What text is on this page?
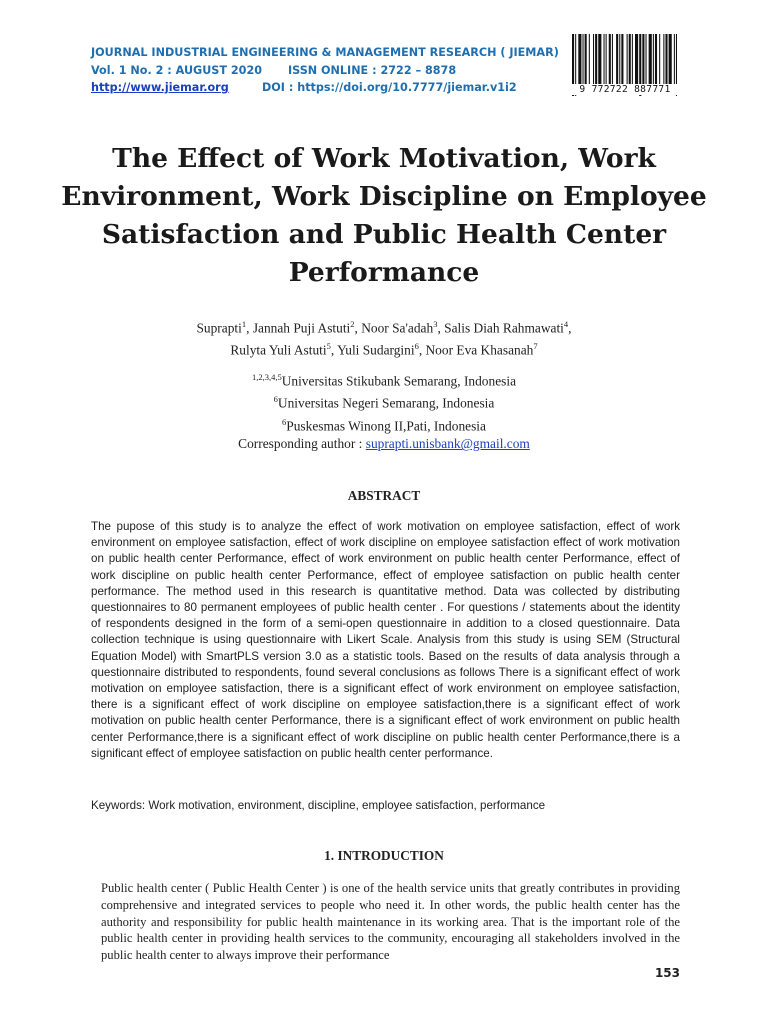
JOURNAL INDUSTRIAL ENGINEERING & MANAGEMENT RESEARCH ( JIEMAR)
Vol. 1 No. 2 : AUGUST 2020 ISSN ONLINE : 2722 – 8878
http://www.jiemar.org	DOI : https://doi.org/10.7777/jiemar.v1i2	9 772722 887771
The Effect of Work Motivation, Work Environment, Work Discipline on Employee Satisfaction and Public Health Center Performance
Suprapti$^1$, Jannah Puji Astuti$^2$, Noor Sa'adah$^3$, Salis Diah Rahmawati$^4$,
Rulyta Yuli Astuti$^5$, Yuli Sudargini$^6$, Noor Eva Khasanah$^7$
$^{1,2,3,4,5}$Universitas Stikubank Semarang, Indonesia
$^6$Universitas Negeri Semarang, Indonesia
$^6$Puskesmas Winong II,Pati, Indonesia
Corresponding author : suprapti.unisbank@gmail.com
ABSTRACT

The pupose of this study is to analyze the effect of work motivation on employee satisfaction, effect of work environment on employee satisfaction, effect of work discipline on employee satisfaction effect of work motivation on public health center Performance, effect of work environment on public health center Performance, effect of work discipline on public health center Performance, effect of employee satisfaction on public health center performance. The method used in this research is quantitative method. Data was collected by distributing questionnaires to 80 permanent employees of public health center . For questions / statements about the identity of respondents designed in the form of a semi-open questionnaire in addition to a closed questionnaire. Data collection technique is using questionnaire with Likert Scale. Analysis from this study is using SEM (Structural Equation Model) with SmartPLS version 3.0 as a statistic tools. Based on the results of data analysis through a questionnaire distributed to respondents, found several conclusions as follows There is a significant effect of work motivation on employee satisfaction, there is a significant effect of work environment on employee satisfaction, there is a significant effect of work discipline on employee satisfaction,there is a significant effect of work motivation on public health center Performance, there is a significant effect of work environment on public health center Performance,there is a significant effect of work discipline on public health center Performance,there is a significant effect of employee satisfaction on public health center performance.

Keywords: Work motivation, environment, discipline, employee satisfaction, performance

1. INTRODUCTION

Public health center ( Public Health Center ) is one of the health service units that greatly contributes in providing comprehensive and integrated services to people who need it. In other words, the public health center has the authority and responsibility for public health maintenance in its working area. That is the important role of the public health center in providing health services to the community, encouraging all stakeholders involved in the public health center to always improve their performance

153
